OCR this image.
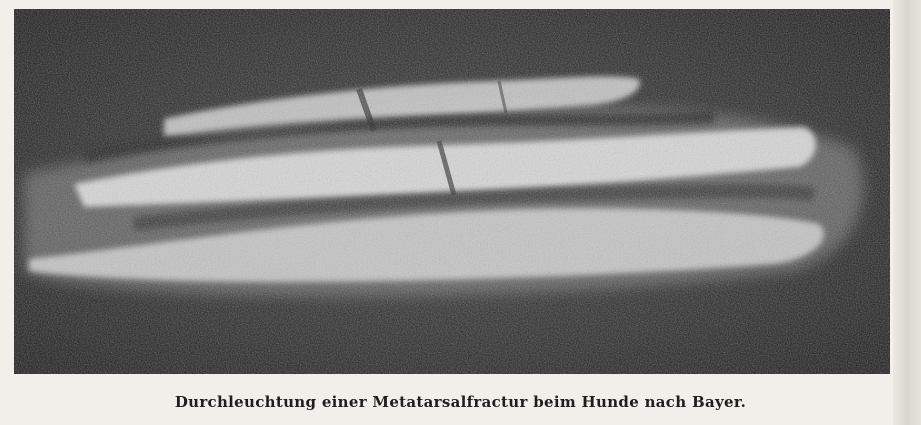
Durchleuchtung einer Metatarsalfractur beim Hunde nach Bayer.
